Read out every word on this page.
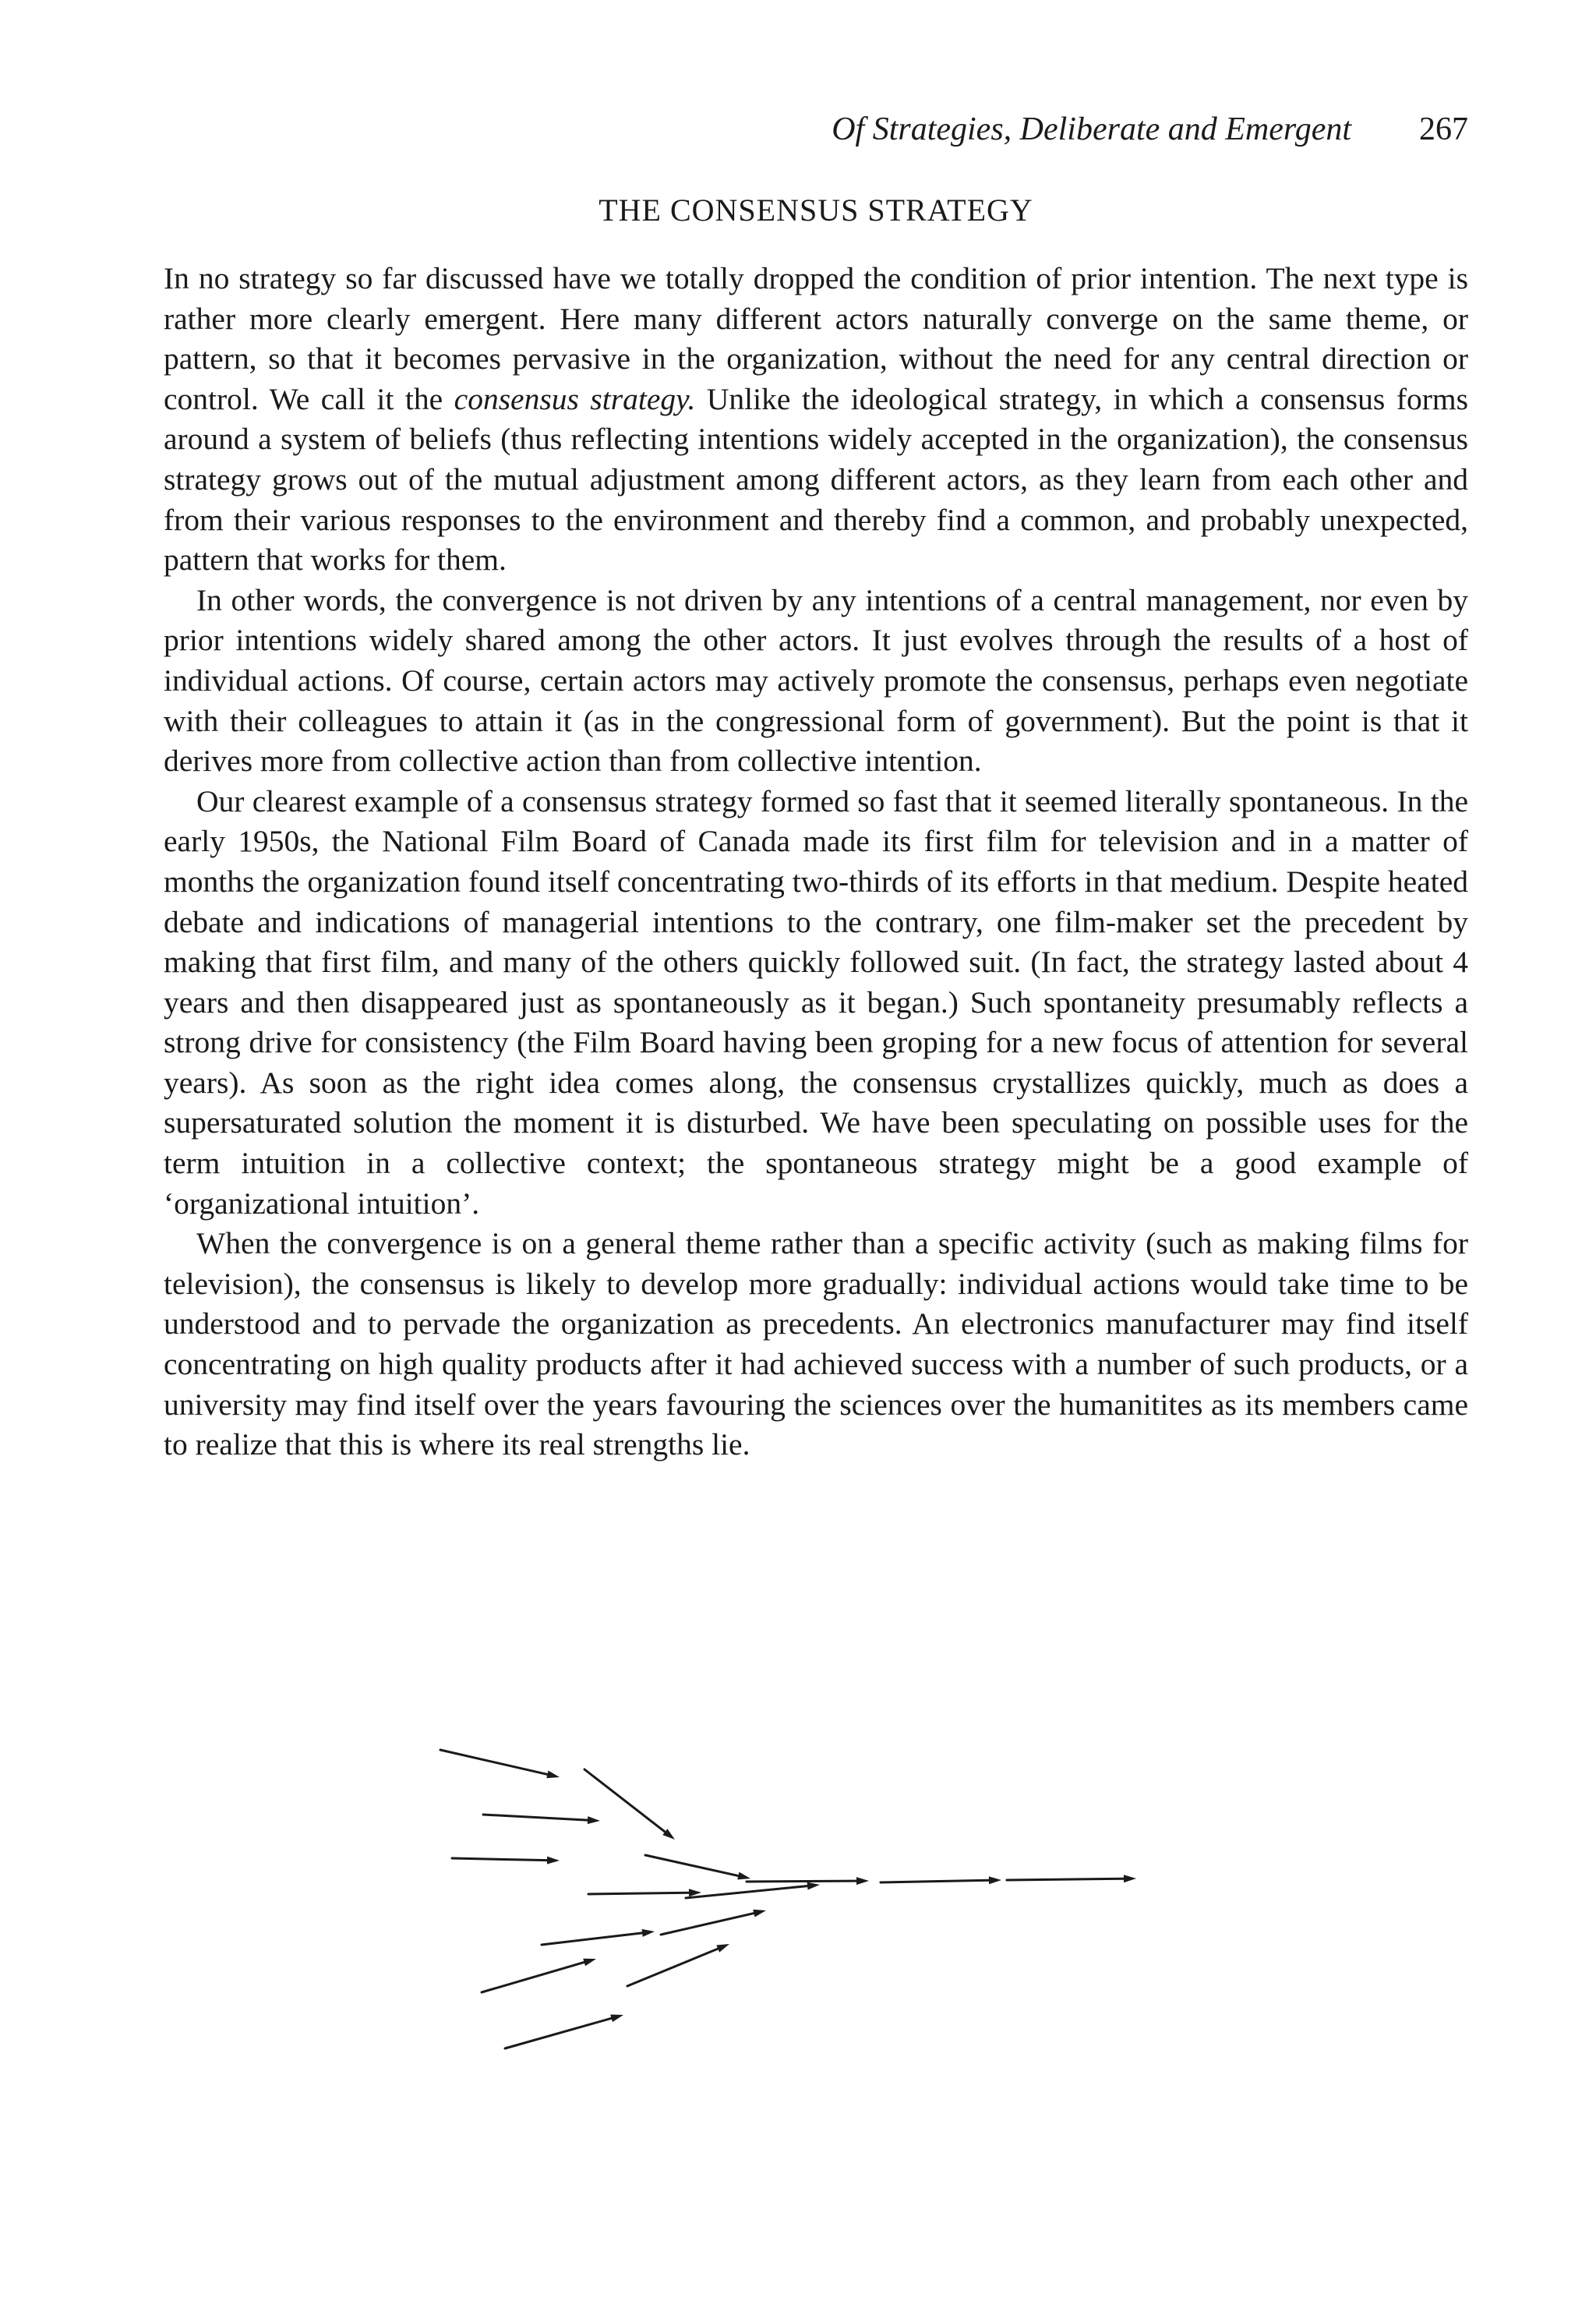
Of Strategies, Deliberate and Emergent 267
THE CONSENSUS STRATEGY

In no strategy so far discussed have we totally dropped the condition of prior intention. The next type is rather more clearly emergent. Here many different actors naturally converge on the same theme, or pattern, so that it becomes pervasive in the organization, without the need for any central direction or control. We call it the consensus strategy. Unlike the ideological strategy, in which a consensus forms around a system of beliefs (thus reflecting intentions widely accepted in the organization), the consensus strategy grows out of the mutual adjustment among different actors, as they learn from each other and from their various responses to the environment and thereby find a common, and probably unexpected, pattern that works for them.

In other words, the convergence is not driven by any intentions of a central management, nor even by prior intentions widely shared among the other actors. It just evolves through the results of a host of individual actions. Of course, certain actors may actively promote the consensus, perhaps even negotiate with their colleagues to attain it (as in the congressional form of government). But the point is that it derives more from collective action than from collective intention.

Our clearest example of a consensus strategy formed so fast that it seemed literally spontaneous. In the early 1950s, the National Film Board of Canada made its first film for television and in a matter of months the organization found itself concentrating two-thirds of its efforts in that medium. Despite heated debate and indications of managerial intentions to the contrary, one film-maker set the precedent by making that first film, and many of the others quickly followed suit. (In fact, the strategy lasted about 4 years and then disappeared just as spontaneously as it began.) Such spontaneity presumably reflects a strong drive for consistency (the Film Board having been groping for a new focus of attention for several years). As soon as the right idea comes along, the consensus crystallizes quickly, much as does a supersaturated solution the moment it is disturbed. We have been speculating on possible uses for the term intuition in a collective context; the spontaneous strategy might be a good example of ‘organizational intuition’.

When the convergence is on a general theme rather than a specific activity (such as making films for television), the consensus is likely to develop more gradually: individual actions would take time to be understood and to pervade the organization as precedents. An electronics manufacturer may find itself concentrating on high quality products after it had achieved success with a number of such products, or a university may find itself over the years favouring the sciences over the humanitites as its members came to realize that this is where its real strengths lie.
